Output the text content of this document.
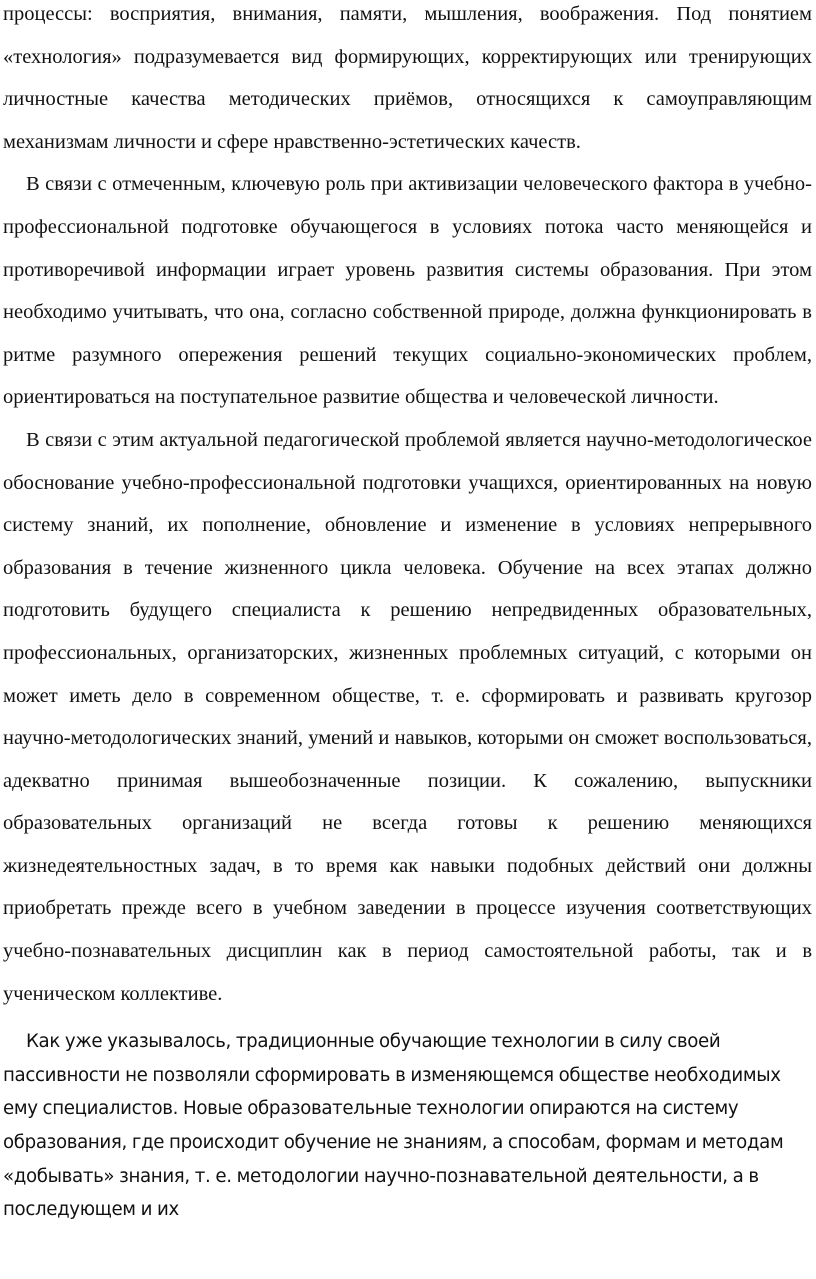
процессы: восприятия, внимания, памяти, мышления, воображения. Под понятием «технология» подразумевается вид формирующих, корректирующих или тренирующих личностные качества методических приёмов, относящихся к самоуправляющим механизмам личности и сфере нравственно-эстетических качеств.

В связи с отмеченным, ключевую роль при активизации человеческого фактора в учебно-профессиональной подготовке обучающегося в условиях потока часто меняющейся и противоречивой информации играет уровень развития системы образования. При этом необходимо учитывать, что она, согласно собственной природе, должна функционировать в ритме разумного опережения решений текущих социально-экономических проблем, ориентироваться на поступательное развитие общества и человеческой личности.

В связи с этим актуальной педагогической проблемой является научно-методологическое обоснование учебно-профессиональной подготовки учащихся, ориентированных на новую систему знаний, их пополнение, обновление и изменение в условиях непрерывного образования в течение жизненного цикла человека. Обучение на всех этапах должно подготовить будущего специалиста к решению непредвиденных образовательных, профессиональных, организаторских, жизненных проблемных ситуаций, с которыми он может иметь дело в современном обществе, т. е. сформировать и развивать кругозор научно-методологических знаний, умений и навыков, которыми он сможет воспользоваться, адекватно принимая вышеобозначенные позиции. К сожалению, выпускники образовательных организаций не всегда готовы к решению меняющихся жизнедеятельностных задач, в то время как навыки подобных действий они должны приобретать прежде всего в учебном заведении в процессе изучения соответствующих учебно-познавательных дисциплин как в период самостоятельной работы, так и в ученическом коллективе.

Как уже указывалось, традиционные обучающие технологии в силу своей пассивности не позволяли сформировать в изменяющемся обществе необходимых ему специалистов. Новые образовательные технологии опираются на систему образования, где происходит обучение не знаниям, а способам, формам и методам «добывать» знания, т. е. методологии научно-познавательной деятельности, а в последующем и их
